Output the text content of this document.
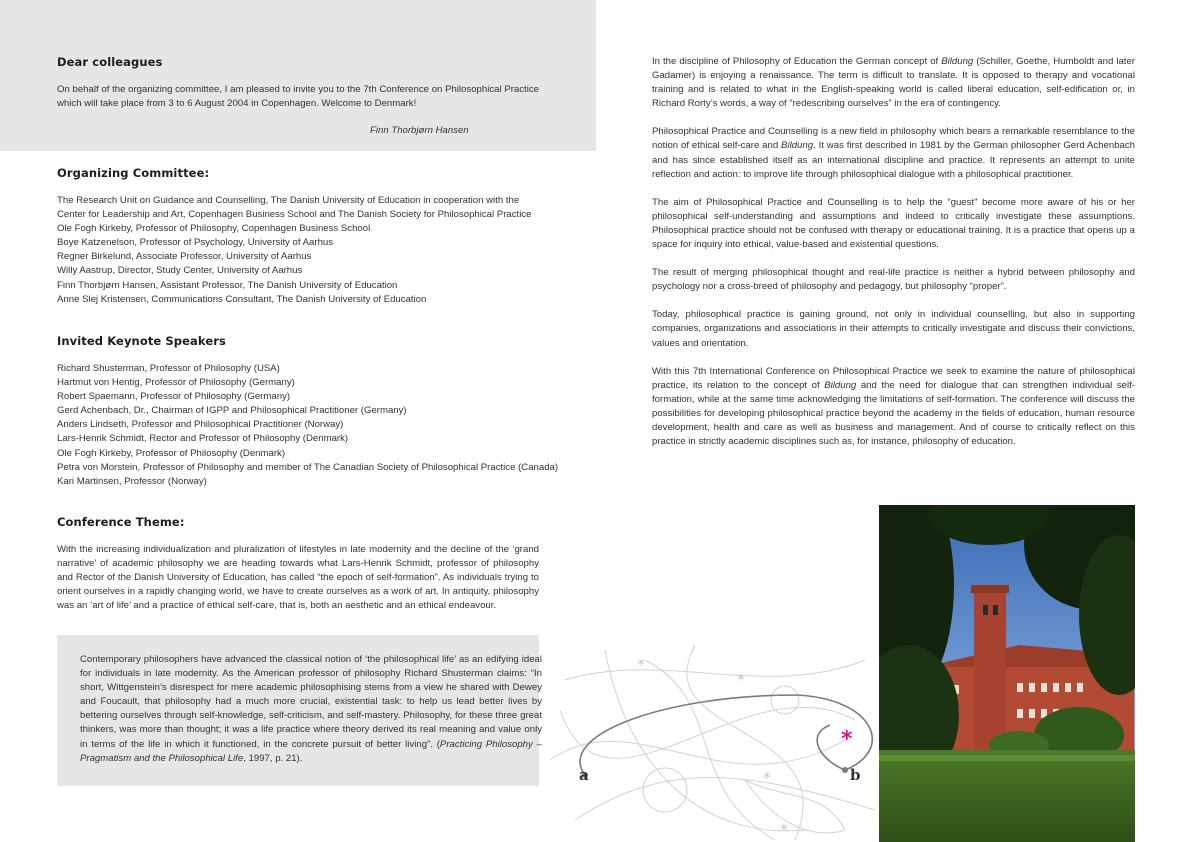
Dear colleagues
On behalf of the organizing committee, I am pleased to invite you to the 7th Conference on Philosophical Practice which will take place from 3 to 6 August 2004 in Copenhagen. Welcome to Denmark!
Finn Thorbjørn Hansen
Organizing Committee:
The Research Unit on Guidance and Counselling, The Danish University of Education in cooperation with the
Center for Leadership and Art, Copenhagen Business School and The Danish Society for Philosophical Practice
Ole Fogh Kirkeby, Professor of Philosophy, Copenhagen Business School
Boye Katzenelson, Professor of Psychology, University of Aarhus
Regner Birkelund, Associate Professor, University of Aarhus
Willy Aastrup, Director, Study Center, University of Aarhus
Finn Thorbjørn Hansen, Assistant Professor, The Danish University of Education
Anne Slej Kristensen, Communications Consultant, The Danish University of Education
Invited Keynote Speakers
Richard Shusterman, Professor of Philosophy (USA)
Hartmut von Hentig, Professor of Philosophy (Germany)
Robert Spaemann, Professor of Philosophy (Germany)
Gerd Achenbach, Dr., Chairman of IGPP and Philosophical Practitioner (Germany)
Anders Lindseth, Professor and Philosophical Practitioner (Norway)
Lars-Henrik Schmidt, Rector and Professor of Philosophy (Denmark)
Ole Fogh Kirkeby, Professor of Philosophy (Denmark)
Petra von Morstein, Professor of Philosophy and member of The Canadian Society of Philosophical Practice (Canada)
Kari Martinsen, Professor (Norway)
Conference Theme:
With the increasing individualization and pluralization of lifestyles in late modernity and the decline of the ‘grand narrative’ of academic philosophy we are heading towards what Lars-Henrik Schmidt, professor of philosophy and Rector of the Danish University of Education, has called “the epoch of self-formation”. As individuals trying to orient ourselves in a rapidly changing world, we have to create ourselves as a work of art. In antiquity, philosophy was an ‘art of life’ and a practice of ethical self-care, that is, both an aesthetic and an ethical endeavour.
Contemporary philosophers have advanced the classical notion of ‘the philosophical life’ as an edifying ideal for individuals in late modernity. As the American professor of philosophy Richard Shusterman claims: “In short, Wittgenstein’s disrespect for mere academic philosophising stems from a view he shared with Dewey and Foucault, that philosophy had a much more crucial, existential task: to help us lead better lives by bettering ourselves through self-knowledge, self-criticism, and self-mastery. Philosophy, for these three great thinkers, was more than thought; it was a life practice where theory derived its real meaning and value only in terms of the life in which it functioned, in the concrete pursuit of better living”. (Practicing Philosophy – Pragmatism and the Philosophical Life, 1997, p. 21).

In the discipline of Philosophy of Education the German concept of Bildung (Schiller, Goethe, Humboldt and later Gadamer) is enjoying a renaissance. The term is difficult to translate. It is opposed to therapy and vocational training and is related to what in the English-speaking world is called liberal education, self-edification or, in Richard Rorty’s words, a way of “redescribing ourselves” in the era of contingency.

Philosophical Practice and Counselling is a new field in philosophy which bears a remarkable resemblance to the notion of ethical self-care and Bildung. It was first described in 1981 by the German philosopher Gerd Achenbach and has since established itself as an international discipline and practice. It represents an attempt to unite reflection and action: to improve life through philosophical dialogue with a philosophical practitioner.

The aim of Philosophical Practice and Counselling is to help the “guest” become more aware of his or her philosophical self-understanding and assumptions and indeed to critically investigate these assumptions. Philosophical practice should not be confused with therapy or educational training. It is a practice that opens up a space for inquiry into ethical, value-based and existential questions.

The result of merging philosophical thought and real-life practice is neither a hybrid between philosophy and psychology nor a cross-breed of philosophy and pedagogy, but philosophy “proper”.

Today, philosophical practice is gaining ground, not only in individual counselling, but also in supporting companies, organizations and associations in their attempts to critically investigate and discuss their convictions, values and orientation.

With this 7th International Conference on Philosophical Practice we seek to examine the nature of philosophical practice, its relation to the concept of Bildung and the need for dialogue that can strengthen individual self-formation, while at the same time acknowledging the limitations of self-formation. The conference will discuss the possibilities for developing philosophical practice beyond the academy in the fields of education, human resource development, health and care as well as business and management. And of course to critically reflect on this practice in strictly academic disciplines such as, for instance, philosophy of education.

*
*
*
*
*
a	b
